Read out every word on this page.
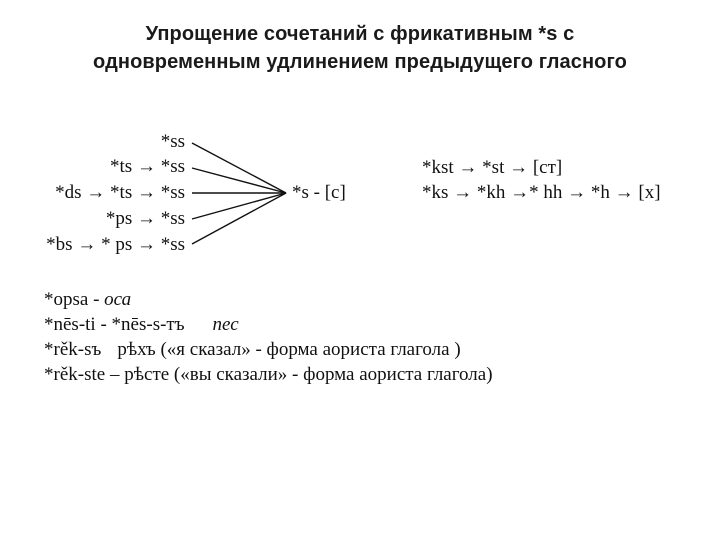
Упрощение сочетаний с фрикативным *s с
одновременным удлинением предыдущего гласного
*ss
*ts → *ss
*ds → *ts → *ss
*ps → *ss
*bs → * ps → *ss
*s - [c]
*kst → *st → [ст]
*ks → *kh →* hh → *h → [x]
*opsa - оса
*nēs-ti - *nēs-s-тъ пес
*rěk-sъ рѣхъ («я сказал» - форма аориста глагола )
*rěk-ste – рѣсте («вы сказали» - форма аориста глагола)
